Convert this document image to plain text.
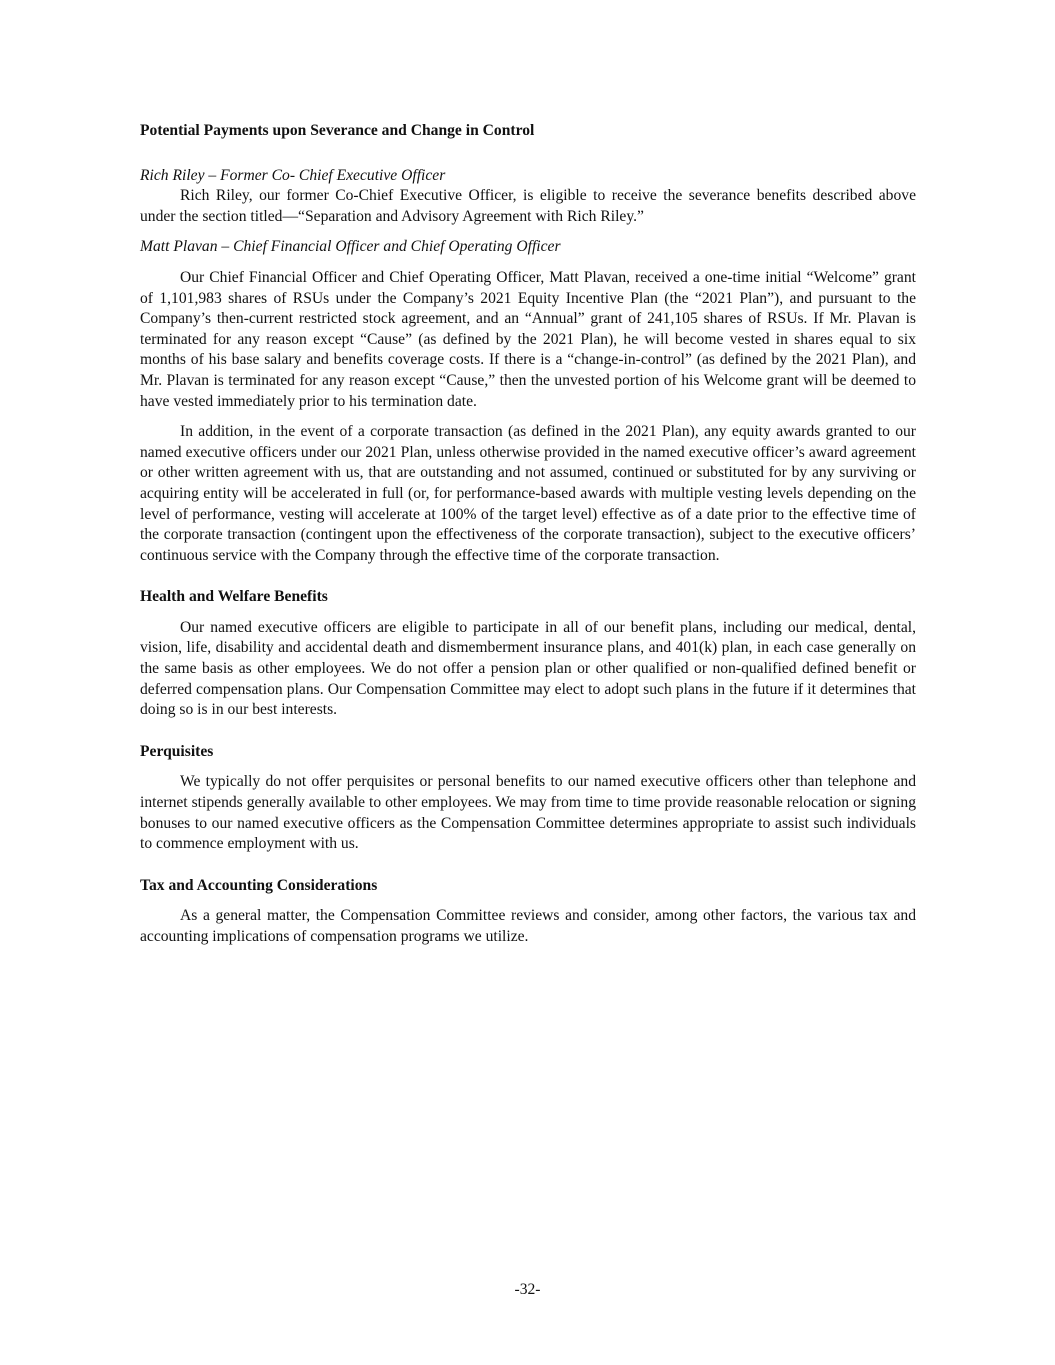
Potential Payments upon Severance and Change in Control
Rich Riley – Former Co- Chief Executive Officer

Rich Riley, our former Co-Chief Executive Officer, is eligible to receive the severance benefits described above under the section titled—“Separation and Advisory Agreement with Rich Riley.”

Matt Plavan – Chief Financial Officer and Chief Operating Officer

Our Chief Financial Officer and Chief Operating Officer, Matt Plavan, received a one-time initial “Welcome” grant of 1,101,983 shares of RSUs under the Company’s 2021 Equity Incentive Plan (the “2021 Plan”), and pursuant to the Company’s then-current restricted stock agreement, and an “Annual” grant of 241,105 shares of RSUs. If Mr. Plavan is terminated for any reason except “Cause” (as defined by the 2021 Plan), he will become vested in shares equal to six months of his base salary and benefits coverage costs. If there is a “change-in-control” (as defined by the 2021 Plan), and Mr. Plavan is terminated for any reason except “Cause,” then the unvested portion of his Welcome grant will be deemed to have vested immediately prior to his termination date.

In addition, in the event of a corporate transaction (as defined in the 2021 Plan), any equity awards granted to our named executive officers under our 2021 Plan, unless otherwise provided in the named executive officer’s award agreement or other written agreement with us, that are outstanding and not assumed, continued or substituted for by any surviving or acquiring entity will be accelerated in full (or, for performance-based awards with multiple vesting levels depending on the level of performance, vesting will accelerate at 100% of the target level) effective as of a date prior to the effective time of the corporate transaction (contingent upon the effectiveness of the corporate transaction), subject to the executive officers’ continuous service with the Company through the effective time of the corporate transaction.

Health and Welfare Benefits

Our named executive officers are eligible to participate in all of our benefit plans, including our medical, dental, vision, life, disability and accidental death and dismemberment insurance plans, and 401(k) plan, in each case generally on the same basis as other employees. We do not offer a pension plan or other qualified or non-qualified defined benefit or deferred compensation plans. Our Compensation Committee may elect to adopt such plans in the future if it determines that doing so is in our best interests.

Perquisites

We typically do not offer perquisites or personal benefits to our named executive officers other than telephone and internet stipends generally available to other employees. We may from time to time provide reasonable relocation or signing bonuses to our named executive officers as the Compensation Committee determines appropriate to assist such individuals to commence employment with us.

Tax and Accounting Considerations

As a general matter, the Compensation Committee reviews and consider, among other factors, the various tax and accounting implications of compensation programs we utilize.

-32-
